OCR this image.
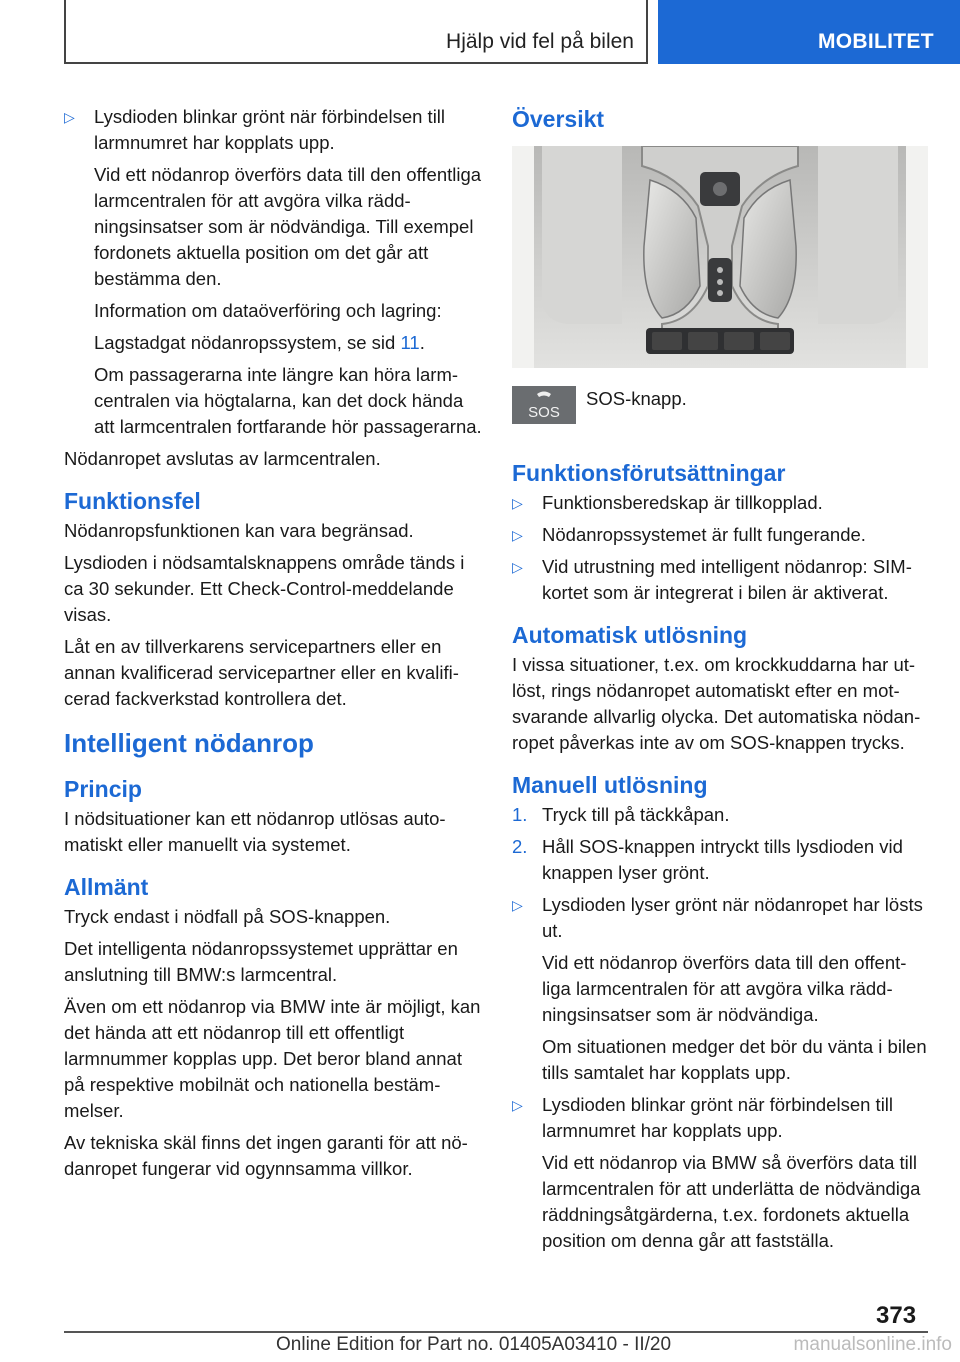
Hjälp vid fel på bilen	MOBILITET
▷ Lysdioden blinkar grönt när förbindelsen till larmnumret har kopplats upp.

Vid ett nödanrop överförs data till den offentliga larmcentralen för att avgöra vilka räddningsinsatser som är nödvändiga. Till exempel fordonets aktuella position om det går att bestämma den.

Information om dataöverföring och lagring:

Lagstadgat nödanropssystem, se sid 11.

Om passagerarna inte längre kan höra larmcentralen via högtalarna, kan det dock hända att larmcentralen fortfarande hör passagerarna.

Nödanropet avslutas av larmcentralen.

Funktionsfel

Nödanropsfunktionen kan vara begränsad.

Lysdioden i nödsamtalsknappens område tänds i ca 30 sekunder. Ett Check-Control-meddelande visas.

Låt en av tillverkarens servicepartners eller en annan kvalificerad servicepartner eller en kvalificerad fackverkstad kontrollera det.

Intelligent nödanrop
Princip

I nödsituationer kan ett nödanrop utlösas automatiskt eller manuellt via systemet.

Allmänt

Tryck endast i nödfall på SOS-knappen.

Det intelligenta nödanropssystemet upprättar en anslutning till BMW:s larmcentral.

Även om ett nödanrop via BMW inte är möjligt, kan det hända att ett nödanrop till ett offentligt larmnummer kopplas upp. Det beror bland annat på respektive mobilnät och nationella bestämmelser.

Av tekniska skäl finns det ingen garanti för att nödanropet fungerar vid ogynnsamma villkor.

Översikt
SOS
SOS-knapp.
Funktionsförutsättningar
▷ Funktionsberedskap är tillkopplad.
▷ Nödanropssystemet är fullt fungerande.
▷ Vid utrustning med intelligent nödanrop: SIM-kortet som är integrerat i bilen är aktiverat.
Automatisk utlösning

I vissa situationer, t.ex. om krockkuddarna har utlöst, rings nödanropet automatiskt efter en motsvarande allvarlig olycka. Det automatiska nödanropet påverkas inte av om SOS-knappen trycks.

Manuell utlösning
1. Tryck till på täckkåpan.
2. Håll SOS-knappen intryckt tills lysdioden vid knappen lyser grönt.
▷ Lysdioden lyser grönt när nödanropet har lösts ut.

Vid ett nödanrop överförs data till den offentliga larmcentralen för att avgöra vilka räddningsinsatser som är nödvändiga.

Om situationen medger det bör du vänta i bilen tills samtalet har kopplats upp.

▷ Lysdioden blinkar grönt när förbindelsen till larmnumret har kopplats upp.

Vid ett nödanrop via BMW så överförs data till larmcentralen för att underlätta de nödvändiga räddningsåtgärderna, t.ex. fordonets aktuella position om denna går att fastställa.

373
Online Edition for Part no. 01405A03410 - II/20	manualsonline.info
